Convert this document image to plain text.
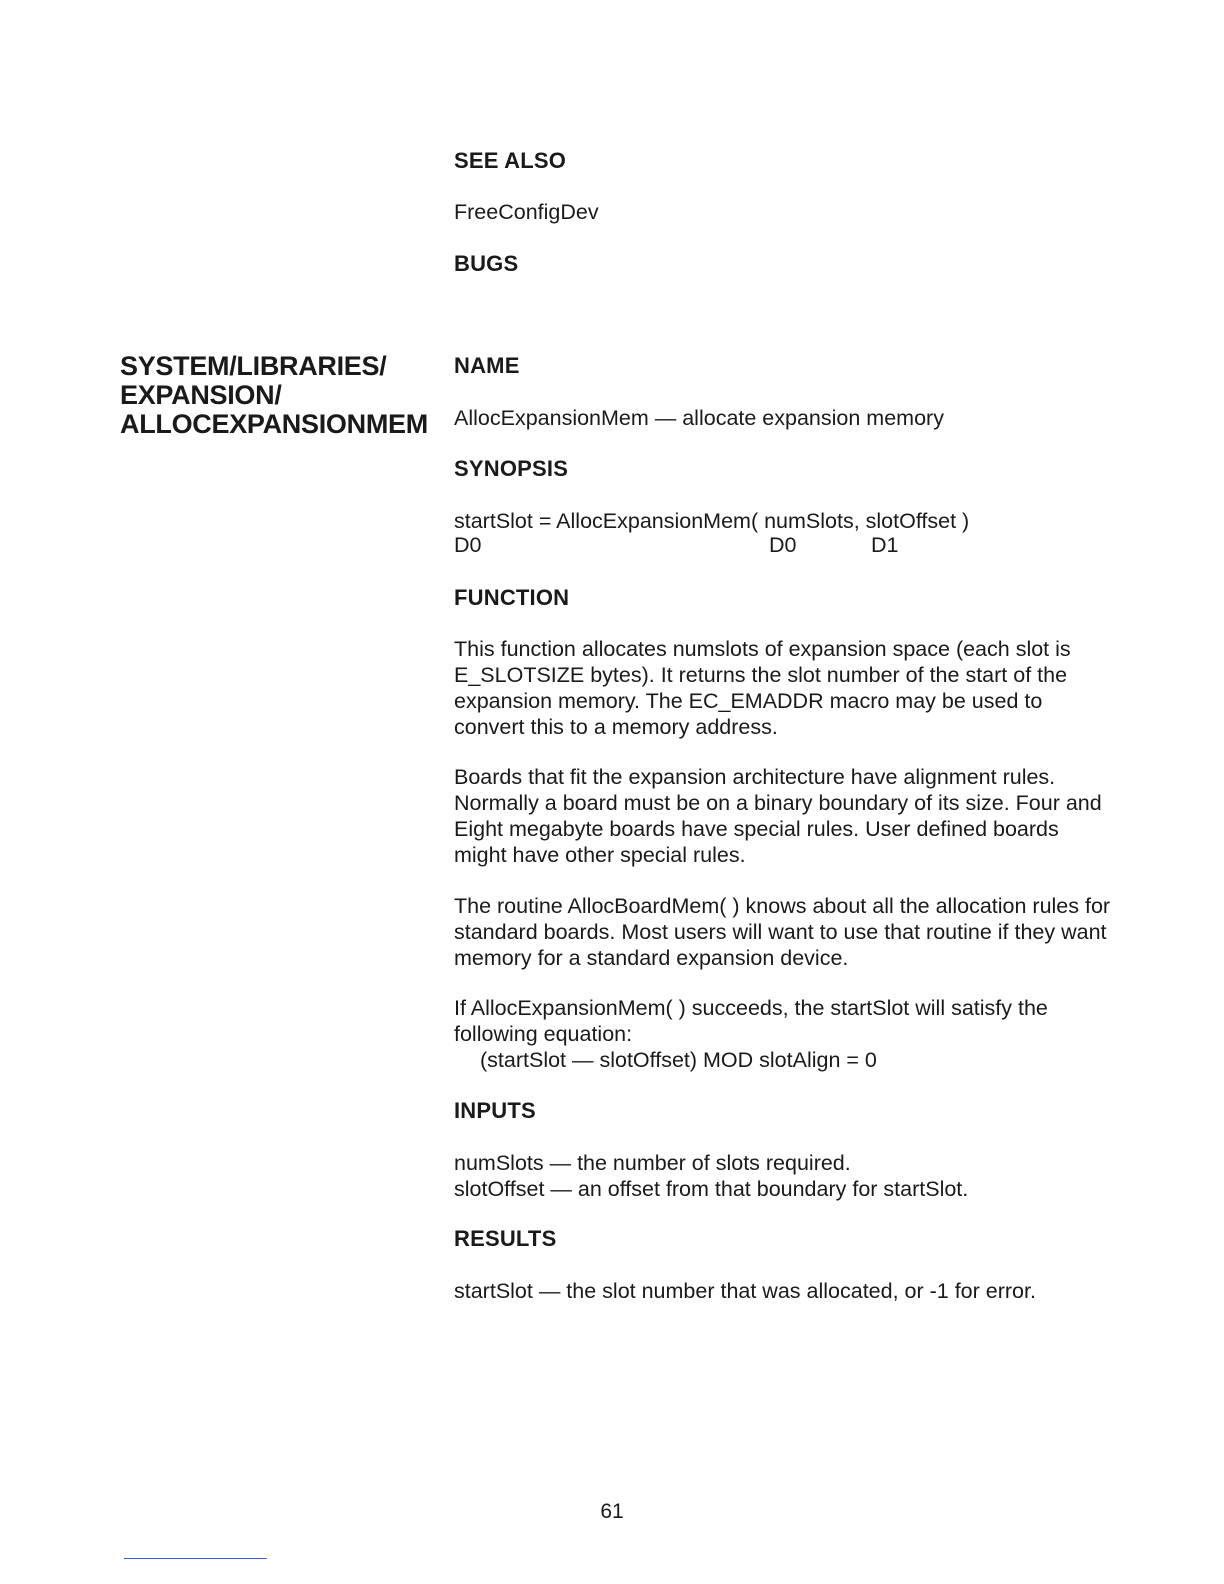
SEE ALSO
FreeConfigDev
BUGS
SYSTEM/LIBRARIES/
EXPANSION/
ALLOCEXPANSIONMEM
NAME
AllocExpansionMem — allocate expansion memory
SYNOPSIS
startSlot = AllocExpansionMem( numSlots, slotOffset )
D0	D0	D1
FUNCTION
This function allocates numslots of expansion space (each slot is E_SLOTSIZE bytes). It returns the slot number of the start of the expansion memory. The EC_EMADDR macro may be used to convert this to a memory address.
Boards that fit the expansion architecture have alignment rules. Normally a board must be on a binary boundary of its size. Four and Eight megabyte boards have special rules. User defined boards might have other special rules.
The routine AllocBoardMem( ) knows about all the allocation rules for standard boards. Most users will want to use that routine if they want memory for a standard expansion device.
If AllocExpansionMem( ) succeeds, the startSlot will satisfy the following equation:
(startSlot — slotOffset) MOD slotAlign = 0
INPUTS
numSlots — the number of slots required.
slotOffset — an offset from that boundary for startSlot.
RESULTS
startSlot — the slot number that was allocated, or -1 for error.
61
